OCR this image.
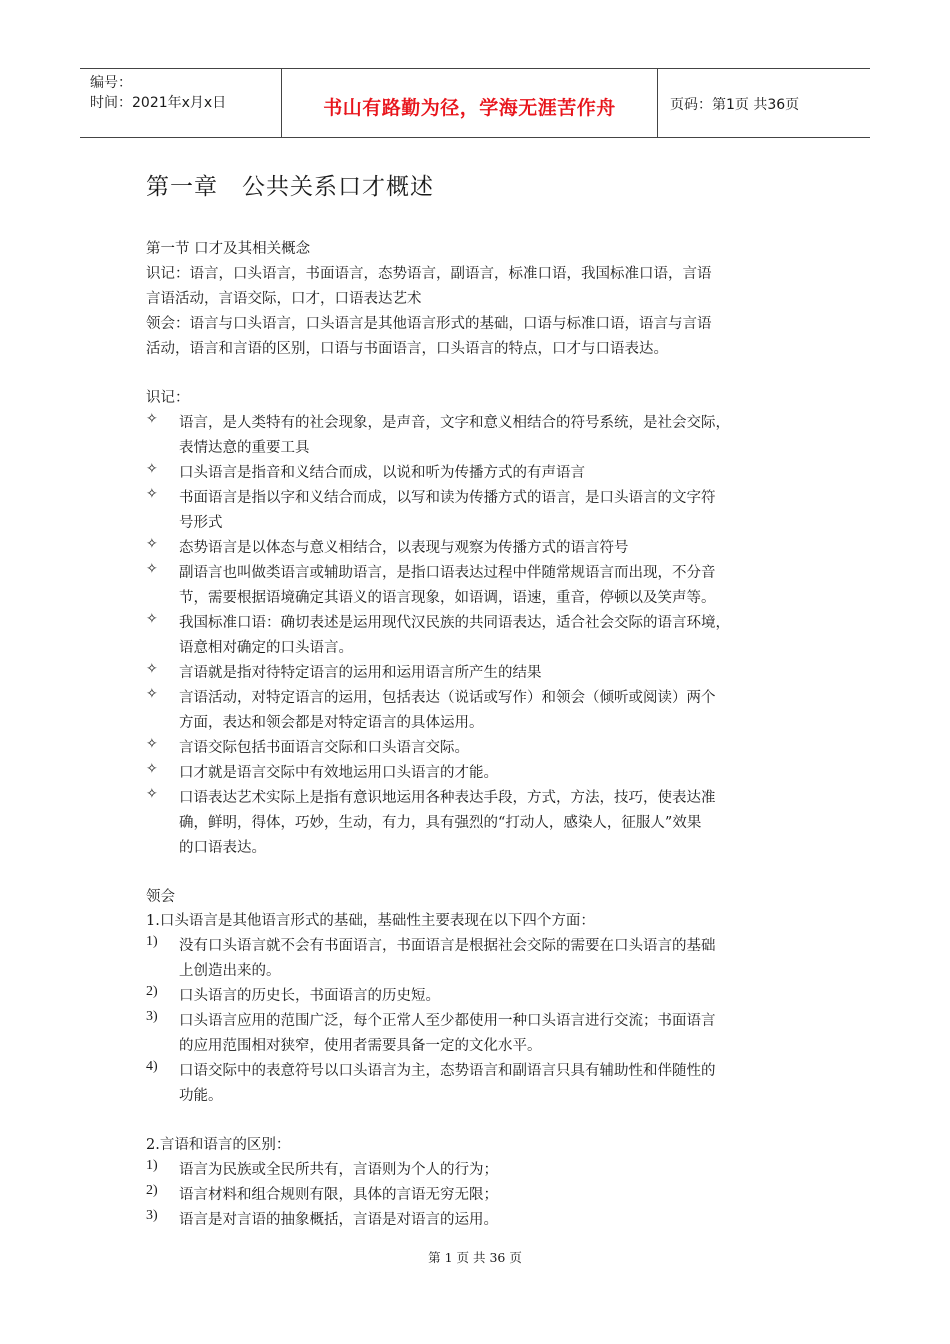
编号：
时间：2021年x月x日	书山有路勤为径，学海无涯苦作舟	页码：第1页 共36页
第一章　公共关系口才概述
第一节 口才及其相关概念
识记：语言，口头语言，书面语言，态势语言，副语言，标准口语，我国标准口语，言语
言语活动，言语交际，口才，口语表达艺术
领会：语言与口头语言，口头语言是其他语言形式的基础，口语与标准口语，语言与言语
活动，语言和言语的区别，口语与书面语言，口头语言的特点，口才与口语表达。
识记：
✧ 语言，是人类特有的社会现象，是声音，文字和意义相结合的符号系统，是社会交际，
表情达意的重要工具
✧ 口头语言是指音和义结合而成，以说和听为传播方式的有声语言
✧ 书面语言是指以字和义结合而成，以写和读为传播方式的语言，是口头语言的文字符
号形式
✧ 态势语言是以体态与意义相结合，以表现与观察为传播方式的语言符号
✧ 副语言也叫做类语言或辅助语言，是指口语表达过程中伴随常规语言而出现，不分音
节，需要根据语境确定其语义的语言现象，如语调，语速，重音，停顿以及笑声等。
✧ 我国标准口语：确切表述是运用现代汉民族的共同语表达，适合社会交际的语言环境，
语意相对确定的口头语言。
✧ 言语就是指对待特定语言的运用和运用语言所产生的结果
✧ 言语活动，对特定语言的运用，包括表达（说话或写作）和领会（倾听或阅读）两个
方面，表达和领会都是对特定语言的具体运用。
✧ 言语交际包括书面语言交际和口头语言交际。
✧ 口才就是语言交际中有效地运用口头语言的才能。
✧ 口语表达艺术实际上是指有意识地运用各种表达手段，方式，方法，技巧，使表达准
确，鲜明，得体，巧妙，生动，有力，具有强烈的“打动人，感染人，征服人”效果
的口语表达。
领会
1.口头语言是其他语言形式的基础，基础性主要表现在以下四个方面：
1) 没有口头语言就不会有书面语言，书面语言是根据社会交际的需要在口头语言的基础
上创造出来的。
2) 口头语言的历史长，书面语言的历史短。
3) 口头语言应用的范围广泛，每个正常人至少都使用一种口头语言进行交流；书面语言
的应用范围相对狭窄，使用者需要具备一定的文化水平。
4) 口语交际中的表意符号以口头语言为主，态势语言和副语言只具有辅助性和伴随性的
功能。
2.言语和语言的区别：
1) 语言为民族或全民所共有，言语则为个人的行为；
2) 语言材料和组合规则有限，具体的言语无穷无限；
3) 语言是对言语的抽象概括，言语是对语言的运用。
第 1 页 共 36 页
